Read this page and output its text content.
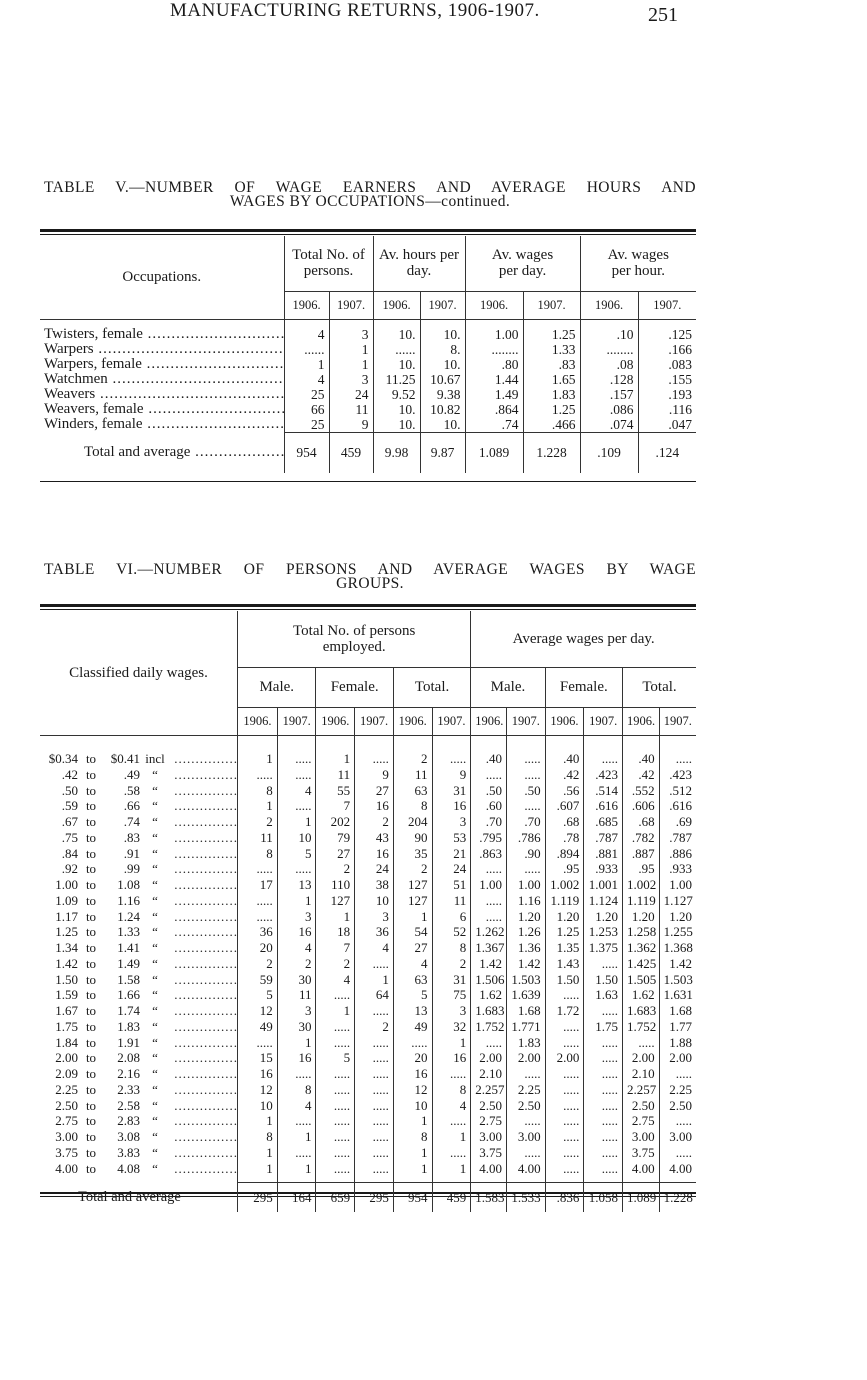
MANUFACTURING RETURNS, 1906-1907.	251
TABLE V.—NUMBER OF WAGE EARNERS AND AVERAGE HOURS AND
WAGES BY OCCUPATIONS—continued.
Occupations.	Total No. of persons.		Av. hours per day.		Av. wages per day.		Av. wages per hour.	
	1906.	1907.	1906.	1907.	1906.	1907.	1906.	1907.

Twisters, female .....	4	3	10.	10.	1.00	1.25	.10	.125
Warpers .....	......	1	......	8.	........	1.33	........	.166
Warpers, female .....	1	1	10.	10.	.80	.83	.08	.083
Watchmen .....	4	3	11.25	10.67	1.44	1.65	.128	.155
Weavers .....	25	24	9.52	9.38	1.49	1.83	.157	.193
Weavers, female .....	66	11	10.	10.82	.864	1.25	.086	.116
Winders, female .....	25	9	10.	10.	.74	.466	.074	.047
Total and average .....	954	459	9.98	9.87	1.089	1.228	.109	.124
TABLE VI.—NUMBER OF PERSONS AND AVERAGE WAGES BY WAGE
GROUPS.
Classified daily wages.	Total No. of persons employed.						Average wages per day.					
	Male.		Female.		Total.		Male.		Female.		Total.	
	1906.	1907.	1906.	1907.	1906.	1907.	1906.	1907.	1906.	1907.	1906.	1907.

$0.34to$0.41 incl .....	1	.....	1	.....	2	.....	.40	.....	.40	.....	.40	.....
.42to.49 “ .....	.....	.....	11	9	11	9	.....	.....	.42	.423	.42	.423
.50to.58 “ .....	8	4	55	27	63	31	.50	.50	.56	.514	.552	.512
.59to.66 “ .....	1	.....	7	16	8	16	.60	.....	.607	.616	.606	.616
.67to.74 “ .....	2	1	202	2	204	3	.70	.70	.68	.685	.68	.69
.75to.83 “ .....	11	10	79	43	90	53	.795	.786	.78	.787	.782	.787
.84to.91 “ .....	8	5	27	16	35	21	.863	.90	.894	.881	.887	.886
.92to.99 “ .....	.....	.....	2	24	2	24	.....	.....	.95	.933	.95	.933
1.00to1.08 “ .....	17	13	110	38	127	51	1.00	1.00	1.002	1.001	1.002	1.00
1.09to1.16 “ .....	.....	1	127	10	127	11	.....	1.16	1.119	1.124	1.119	1.127
1.17to1.24 “ .....	.....	3	1	3	1	6	.....	1.20	1.20	1.20	1.20	1.20
1.25to1.33 “ .....	36	16	18	36	54	52	1.262	1.26	1.25	1.253	1.258	1.255
1.34to1.41 “ .....	20	4	7	4	27	8	1.367	1.36	1.35	1.375	1.362	1.368
1.42to1.49 “ .....	2	2	2	.....	4	2	1.42	1.42	1.43	.....	1.425	1.42
1.50to1.58 “ .....	59	30	4	1	63	31	1.506	1.503	1.50	1.50	1.505	1.503
1.59to1.66 “ .....	5	11	.....	64	5	75	1.62	1.639	.....	1.63	1.62	1.631
1.67to1.74 “ .....	12	3	1	.....	13	3	1.683	1.68	1.72	.....	1.683	1.68
1.75to1.83 “ .....	49	30	.....	2	49	32	1.752	1.771	.....	1.75	1.752	1.77
1.84to1.91 “ .....	.....	1	.....	.....	.....	1	.....	1.83	.....	.....	.....	1.88
2.00to2.08 “ .....	15	16	5	.....	20	16	2.00	2.00	2.00	.....	2.00	2.00
2.09to2.16 “ .....	16	.....	.....	.....	16	.....	2.10	.....	.....	.....	2.10	.....
2.25to2.33 “ .....	12	8	.....	.....	12	8	2.257	2.25	.....	.....	2.257	2.25
2.50to2.58 “ .....	10	4	.....	.....	10	4	2.50	2.50	.....	.....	2.50	2.50
2.75to2.83 “ .....	1	.....	.....	.....	1	.....	2.75	.....	.....	.....	2.75	.....
3.00to3.08 “ .....	8	1	.....	.....	8	1	3.00	3.00	.....	.....	3.00	3.00
3.75to3.83 “ .....	1	.....	.....	.....	1	.....	3.75	.....	.....	.....	3.75	.....
4.00to4.08 “ .....	1	1	.....	.....	1	1	4.00	4.00	.....	.....	4.00	4.00

Total and average	295	164	659	295	954	459	1.583	1.533	.836	1.058	1.089	1.228
